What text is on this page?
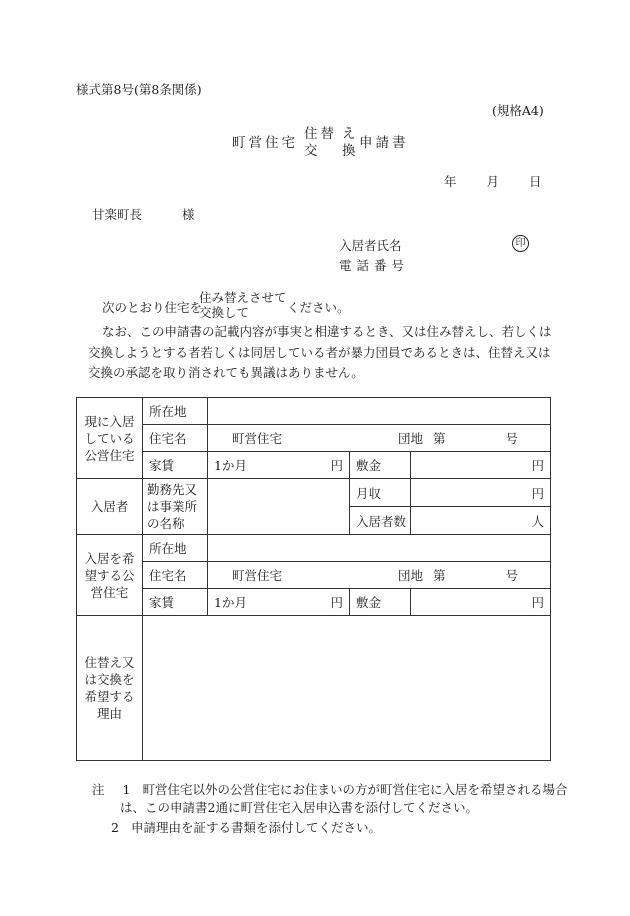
様式第8号(第8条関係)
(規格A4)
町営住宅
住替 え
交 換 申請書
年 月 日
甘楽町長	様
入居者氏名	印
電話番号
次のとおり住宅を
住み替えさせて
交換して	ください。
なお、この申請書の記載内容が事実と相違するとき、又は住み替えし、若しくは交換しようとする者若しくは同居している者が暴力団員であるときは、住替え又は交換の承認を取り消されても異議はありません。
現に入居している公営住宅	所在地			

	住宅名	町営住宅 団地 第 号		

	家賃	1か月 円	敷金	円
入居者	勤務先又は事業所の名称		月収	円
			入居者数	人
入居を希望する公営住宅	所在地			
	住宅名	町営住宅 団地 第 号		

	家賃	1か月 円	敷金	円
住替え又は交換を希望する理由				
注 1 町営住宅以外の公営住宅にお住まいの方が町営住宅に入居を希望される場合
は、この申請書2通に町営住宅入居申込書を添付してください。
2 申請理由を証する書類を添付してください。
